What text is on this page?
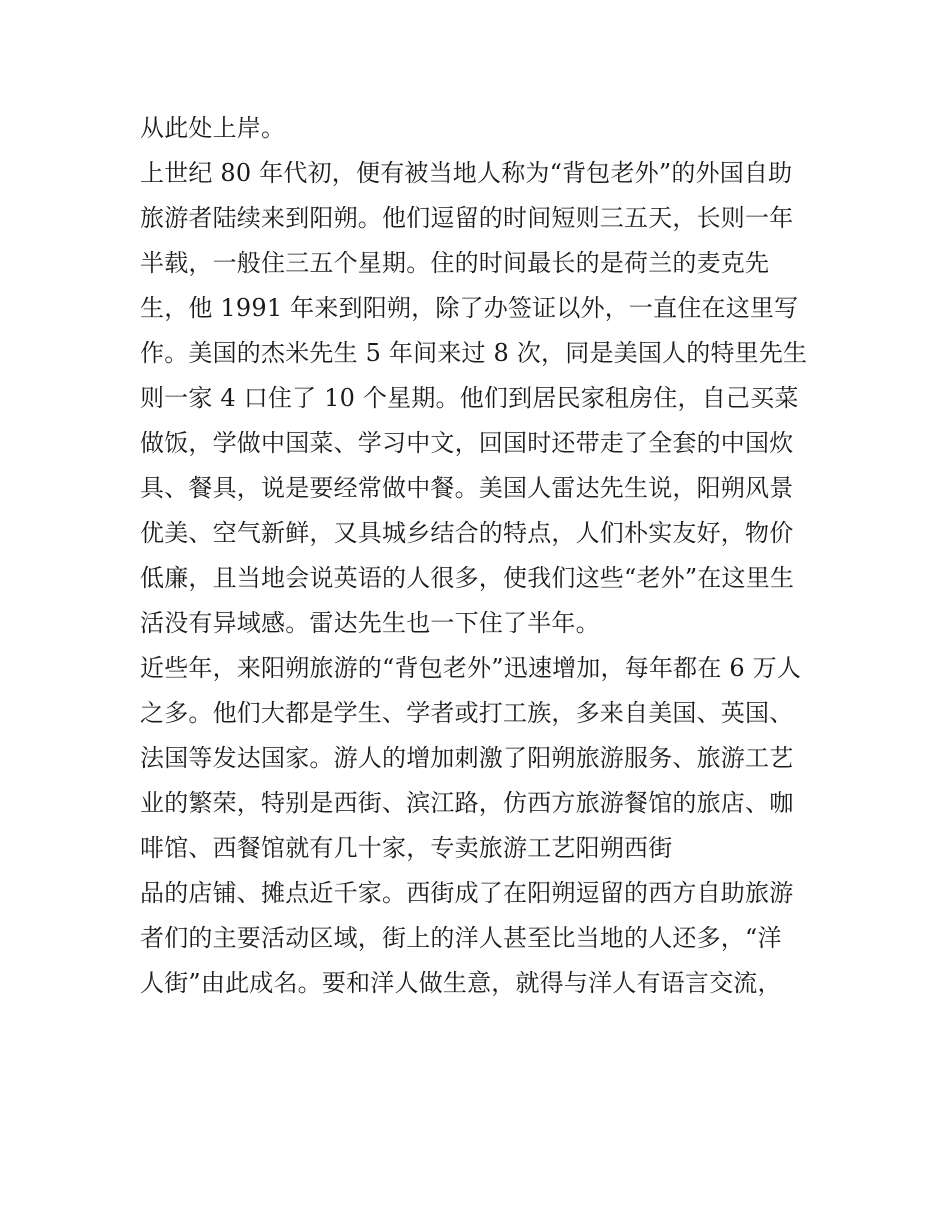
从此处上岸。
上世纪 80 年代初，便有被当地人称为“背包老外”的外国自助
旅游者陆续来到阳朔。他们逗留的时间短则三五天，长则一年
半载，一般住三五个星期。住的时间最长的是荷兰的麦克先
生，他 1991 年来到阳朔，除了办签证以外，一直住在这里写
作。美国的杰米先生 5 年间来过 8 次，同是美国人的特里先生
则一家 4 口住了 10 个星期。他们到居民家租房住，自己买菜
做饭，学做中国菜、学习中文，回国时还带走了全套的中国炊
具、餐具，说是要经常做中餐。美国人雷达先生说，阳朔风景
优美、空气新鲜，又具城乡结合的特点，人们朴实友好，物价
低廉，且当地会说英语的人很多，使我们这些“老外”在这里生
活没有异域感。雷达先生也一下住了半年。
近些年，来阳朔旅游的“背包老外”迅速增加，每年都在 6 万人
之多。他们大都是学生、学者或打工族，多来自美国、英国、
法国等发达国家。游人的增加刺激了阳朔旅游服务、旅游工艺
业的繁荣，特别是西街、滨江路，仿西方旅游餐馆的旅店、咖
啡馆、西餐馆就有几十家，专卖旅游工艺阳朔西街
品的店铺、摊点近千家。西街成了在阳朔逗留的西方自助旅游
者们的主要活动区域，街上的洋人甚至比当地的人还多，“洋
人街”由此成名。要和洋人做生意，就得与洋人有语言交流，
